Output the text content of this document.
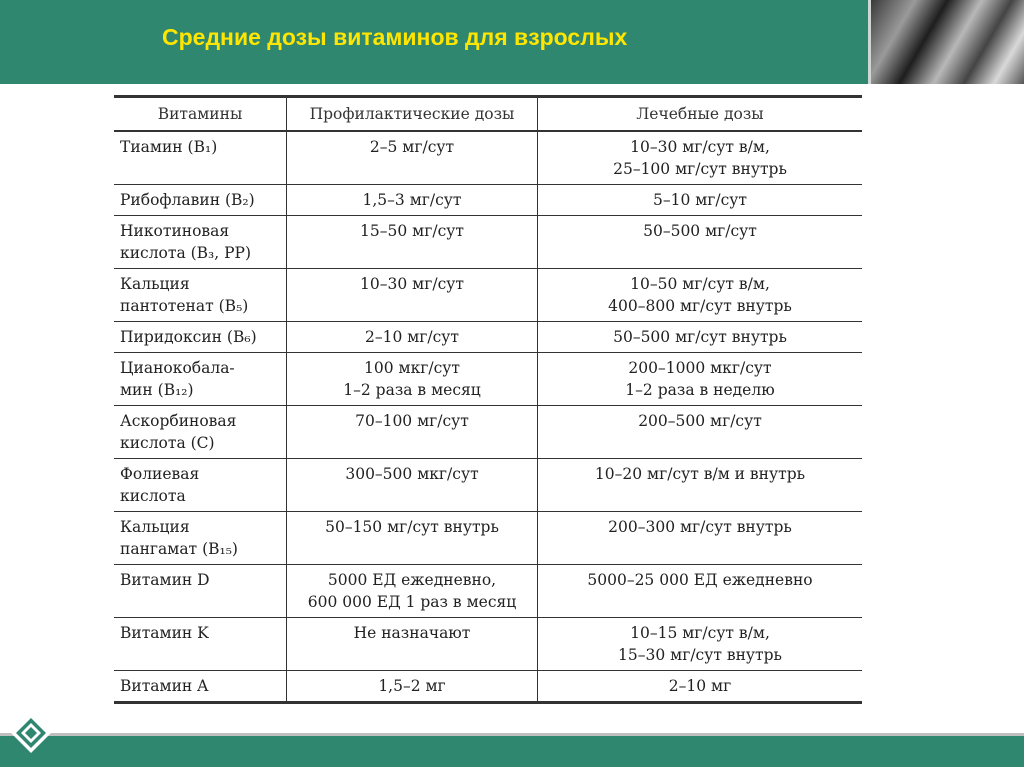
Средние дозы витаминов для взрослых
Витамины	Профилактические дозы	Лечебные дозы

Тиамин (B₁)	2–5 мг/сут	10–30 мг/сут в/м,
25–100 мг/сут внутрь

Рибофлавин (B₂)	1,5–3 мг/сут	5–10 мг/сут

Никотиновая
кислота (B₃, PP)	15–50 мг/сут	50–500 мг/сут

Кальция
пантотенат (B₅)	10–30 мг/сут	10–50 мг/сут в/м,
400–800 мг/сут внутрь

Пиридоксин (B₆)	2–10 мг/сут	50–500 мг/сут внутрь

Цианокобала-
мин (B₁₂)	100 мкг/сут
1–2 раза в месяц	200–1000 мкг/сут
1–2 раза в неделю

Аскорбиновая
кислота (C)	70–100 мг/сут	200–500 мг/сут

Фолиевая
кислота	300–500 мкг/сут	10–20 мг/сут в/м и внутрь

Кальция
пангамат (B₁₅)	50–150 мг/сут внутрь	200–300 мг/сут внутрь

Витамин D	5000 ЕД ежедневно,
600 000 ЕД 1 раз в месяц	5000–25 000 ЕД ежедневно

Витамин K	Не назначают	10–15 мг/сут в/м,
15–30 мг/сут внутрь

Витамин A	1,5–2 мг	2–10 мг
